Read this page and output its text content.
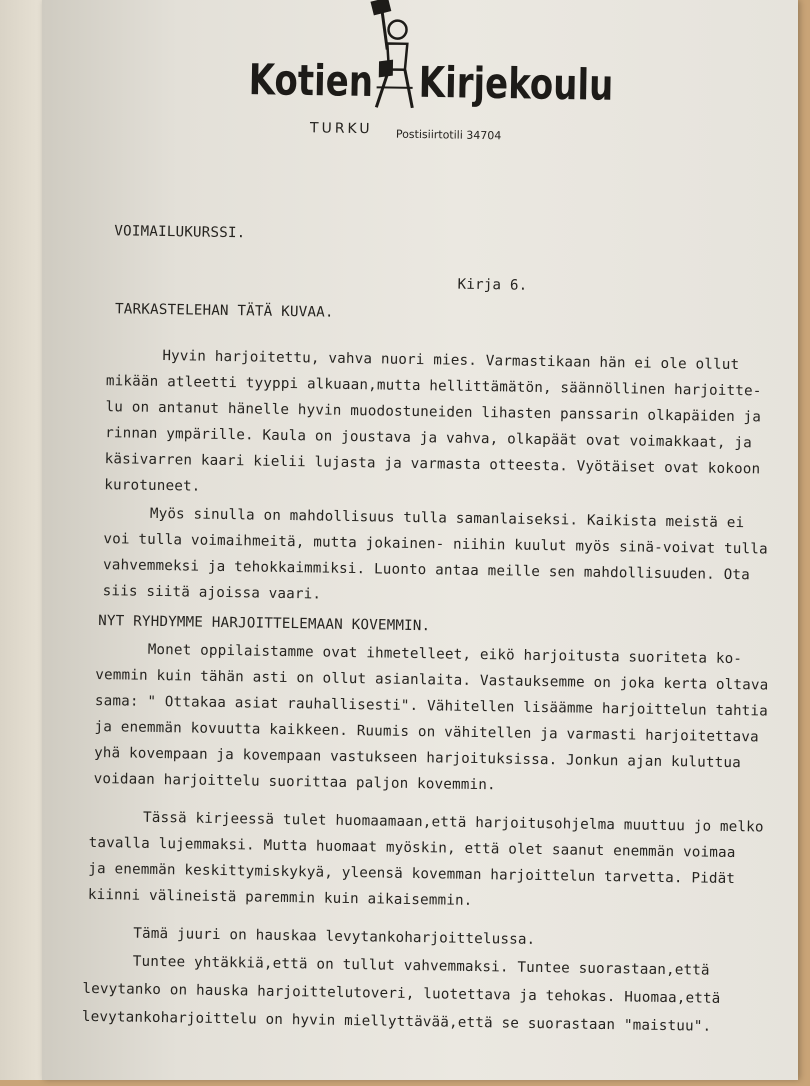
Kotien Kirjekoulu
TURKU Postisiirtotili 34704
VOIMAILUKURSSI.
Kirja 6.
TARKASTELEHAN TÄTÄ KUVAA.
Hyvin harjoitettu, vahva nuori mies. Varmastikaan hän ei ole ollut
mikään atleetti tyyppi alkuaan,mutta hellittämätön, säännöllinen harjoitte-
lu on antanut hänelle hyvin muodostuneiden lihasten panssarin olkapäiden ja
rinnan ympärille. Kaula on joustava ja vahva, olkapäät ovat voimakkaat, ja
käsivarren kaari kielii lujasta ja varmasta otteesta. Vyötäiset ovat kokoon
kurotuneet.
Myös sinulla on mahdollisuus tulla samanlaiseksi. Kaikista meistä ei
voi tulla voimaihmeitä, mutta jokainen- niihin kuulut myös sinä-voivat tulla
vahvemmeksi ja tehokkaimmiksi. Luonto antaa meille sen mahdollisuuden. Ota
siis siitä ajoissa vaari.
NYT RYHDYMME HARJOITTELEMAAN KOVEMMIN.
Monet oppilaistamme ovat ihmetelleet, eikö harjoitusta suoriteta ko-
vemmin kuin tähän asti on ollut asianlaita. Vastauksemme on joka kerta oltava
sama: " Ottakaa asiat rauhallisesti". Vähitellen lisäämme harjoittelun tahtia
ja enemmän kovuutta kaikkeen. Ruumis on vähitellen ja varmasti harjoitettava
yhä kovempaan ja kovempaan vastukseen harjoituksissa. Jonkun ajan kuluttua
voidaan harjoittelu suorittaa paljon kovemmin.
Tässä kirjeessä tulet huomaamaan,että harjoitusohjelma muuttuu jo melko
tavalla lujemmaksi. Mutta huomaat myöskin, että olet saanut enemmän voimaa
ja enemmän keskittymiskykyä, yleensä kovemman harjoittelun tarvetta. Pidät
kiinni välineistä paremmin kuin aikaisemmin.
Tämä juuri on hauskaa levytankoharjoittelussa.
Tuntee yhtäkkiä,että on tullut vahvemmaksi. Tuntee suorastaan,että
levytanko on hauska harjoittelutoveri, luotettava ja tehokas. Huomaa,että
levytankoharjoittelu on hyvin miellyttävää,että se suorastaan "maistuu".
